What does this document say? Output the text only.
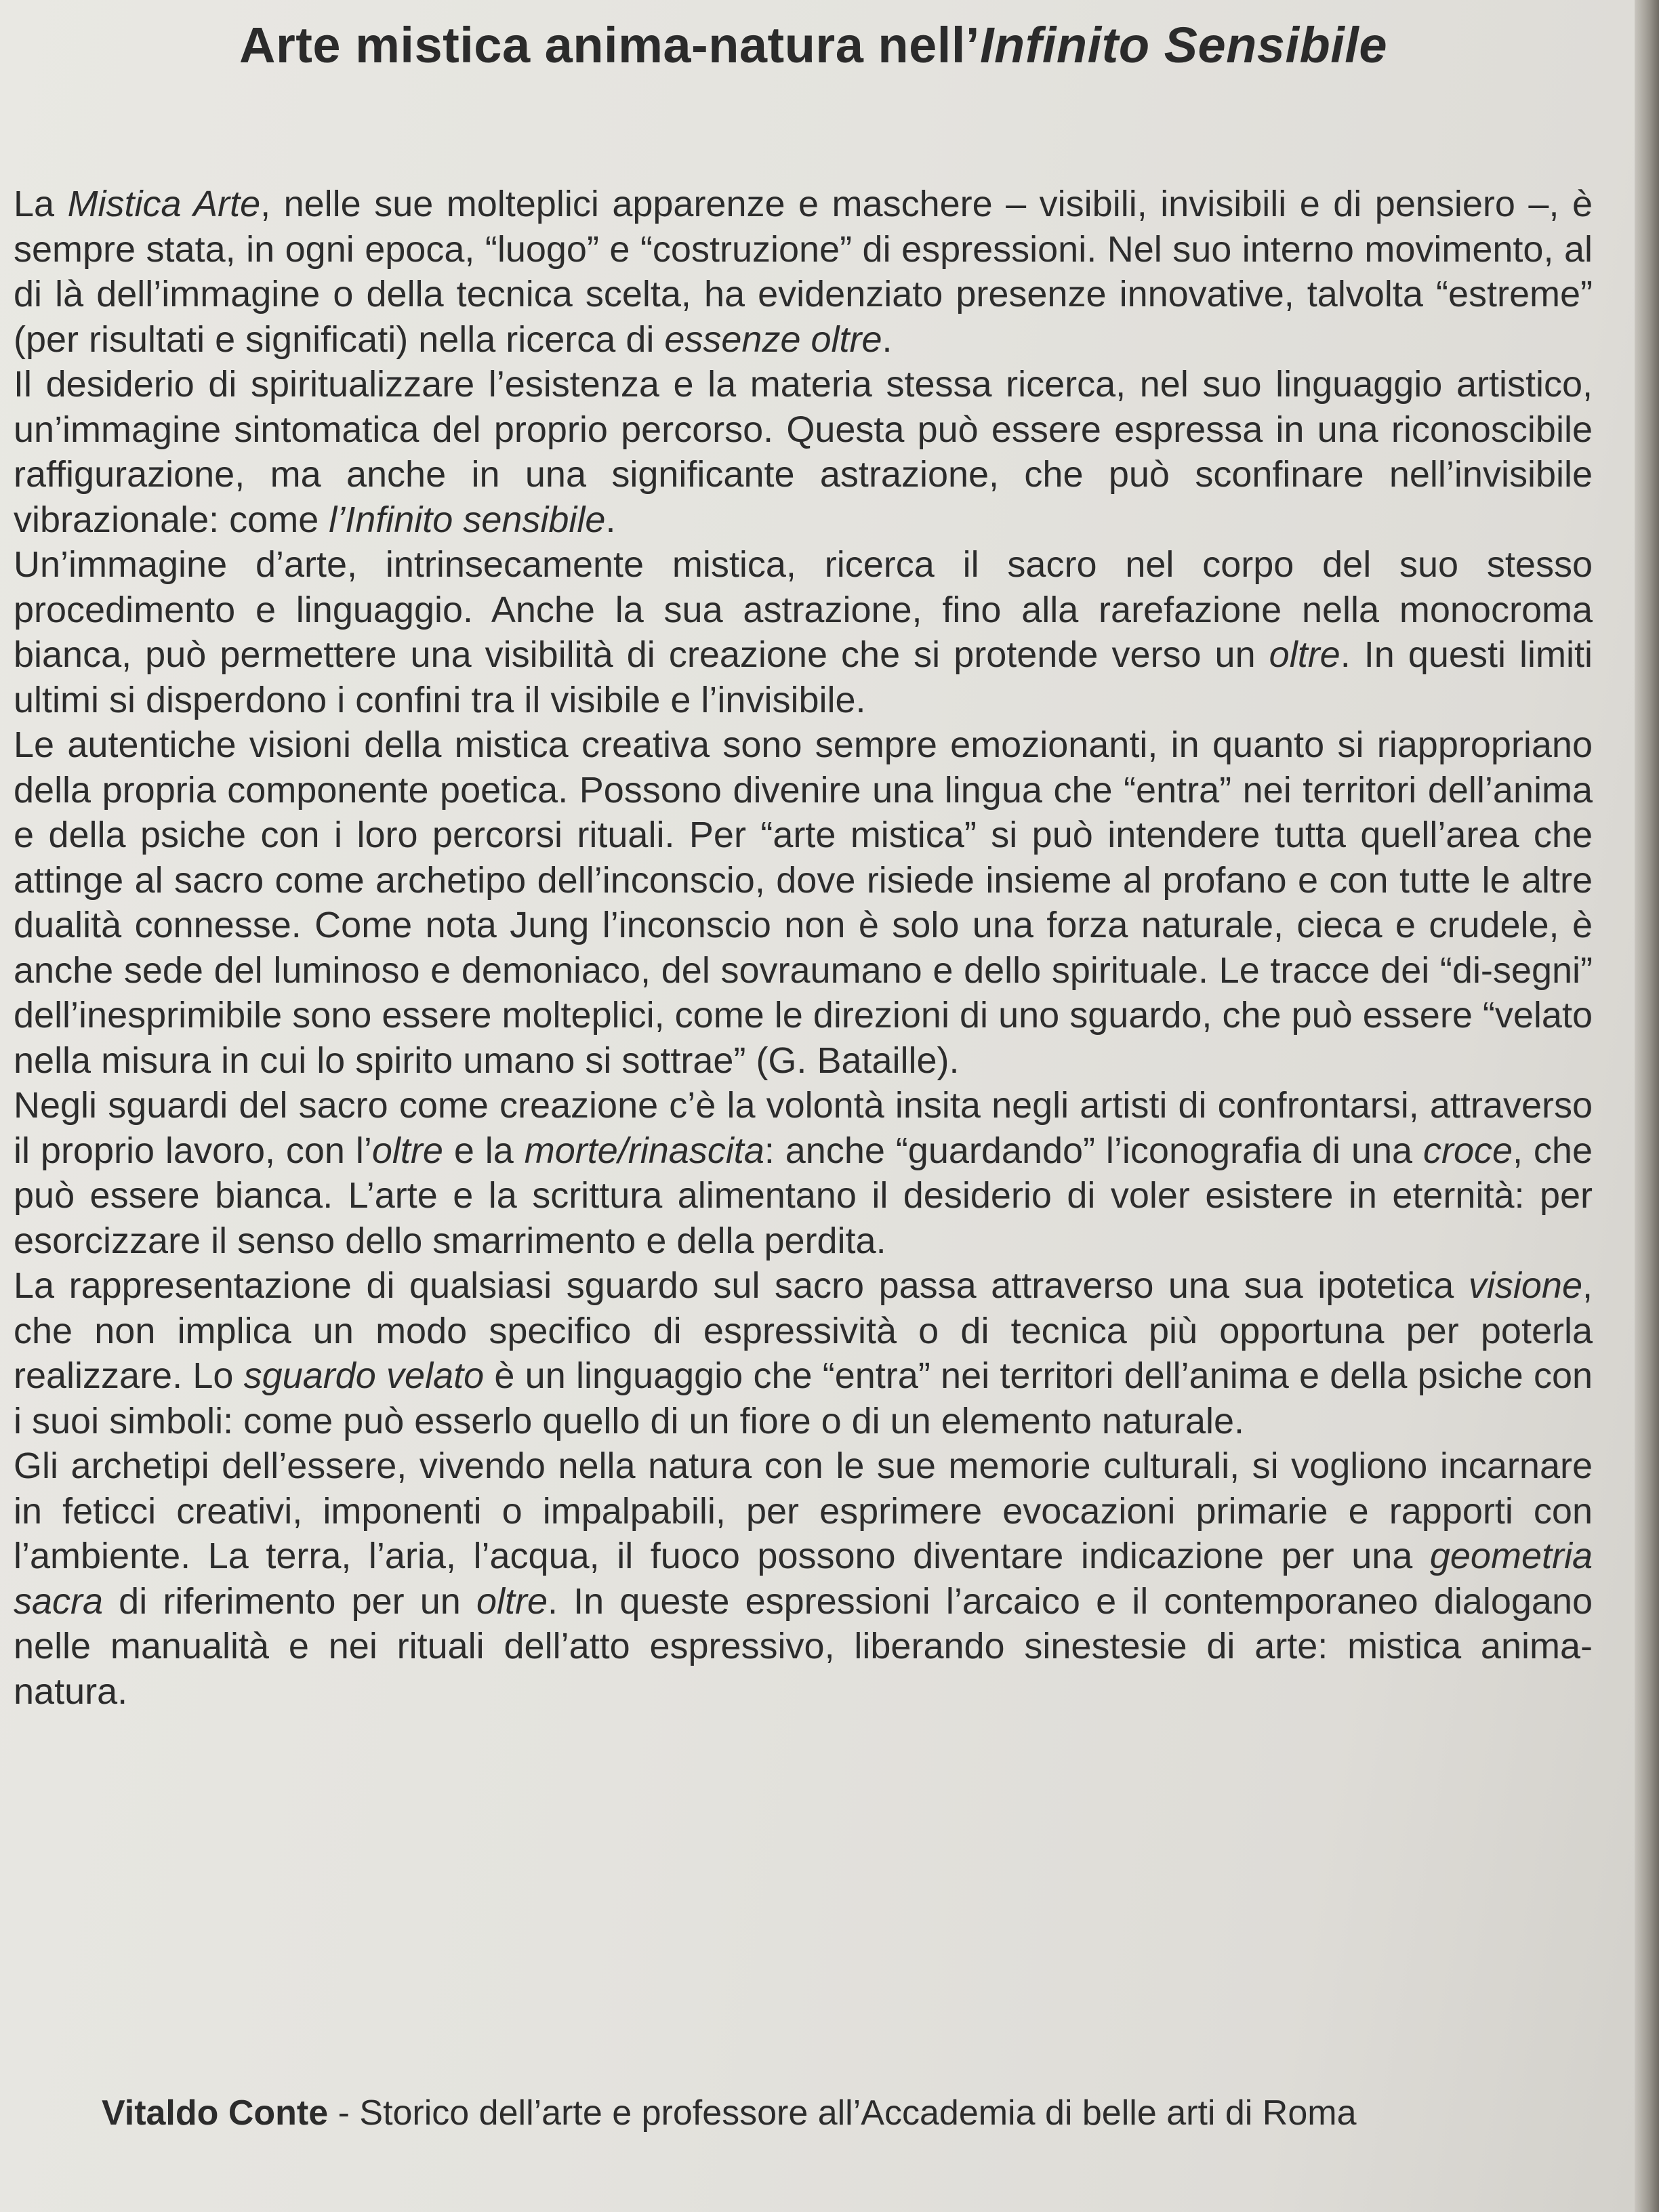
Arte mistica anima-natura nell’Infinito Sensibile

La Mistica Arte, nelle sue molteplici apparenze e maschere – visibili, invisibili e di pensiero –, è sempre stata, in ogni epoca, “luogo” e “costruzione” di espressioni. Nel suo interno movimento, al di là dell’immagine o della tecnica scelta, ha evidenziato presenze innovative, talvolta “estreme” (per risultati e significati) nella ricerca di essenze oltre.

Il desiderio di spiritualizzare l’esistenza e la materia stessa ricerca, nel suo linguaggio artistico, un’immagine sintomatica del proprio percorso. Questa può essere espressa in una riconoscibile raffigurazione, ma anche in una significante astrazione, che può sconfinare nell’invisibile vibrazionale: come l’Infinito sensibile.

Un’immagine d’arte, intrinsecamente mistica, ricerca il sacro nel corpo del suo stesso procedimento e linguaggio. Anche la sua astrazione, fino alla rarefazione nella monocroma bianca, può permettere una visibilità di creazione che si protende verso un oltre. In questi limiti ultimi si disperdono i confini tra il visibile e l’invisibile.

Le autentiche visioni della mistica creativa sono sempre emozionanti, in quanto si riappropriano della propria componente poetica. Possono divenire una lingua che “entra” nei territori dell’anima e della psiche con i loro percorsi rituali. Per “arte mistica” si può intendere tutta quell’area che attinge al sacro come archetipo dell’inconscio, dove risiede insieme al profano e con tutte le altre dualità connesse. Come nota Jung l’inconscio non è solo una forza naturale, cieca e crudele, è anche sede del luminoso e demoniaco, del sovraumano e dello spirituale. Le tracce dei “di-segni” dell’inesprimibile sono essere molteplici, come le direzioni di uno sguardo, che può essere “velato nella misura in cui lo spirito umano si sottrae” (G. Bataille).

Negli sguardi del sacro come creazione c’è la volontà insita negli artisti di confrontarsi, attraverso il proprio lavoro, con l’oltre e la morte/rinascita: anche “guardando” l’iconografia di una croce, che può essere bianca. L’arte e la scrittura alimentano il desiderio di voler esistere in eternità: per esorcizzare il senso dello smarrimento e della perdita.

La rappresentazione di qualsiasi sguardo sul sacro passa attraverso una sua ipotetica visione, che non implica un modo specifico di espressività o di tecnica più opportuna per poterla realizzare. Lo sguardo velato è un linguaggio che “entra” nei territori dell’anima e della psiche con i suoi simboli: come può esserlo quello di un fiore o di un elemento naturale.

Gli archetipi dell’essere, vivendo nella natura con le sue memorie culturali, si vogliono incarnare in feticci creativi, imponenti o impalpabili, per esprimere evocazioni primarie e rapporti con l’ambiente. La terra, l’aria, l’acqua, il fuoco possono diventare indicazione per una geometria sacra di riferimento per un oltre. In queste espressioni l’arcaico e il contemporaneo dialogano nelle manualità e nei rituali dell’atto espressivo, liberando sinestesie di arte: mistica anima-natura.

Vitaldo Conte - Storico dell’arte e professore all’Accademia di belle arti di Roma
